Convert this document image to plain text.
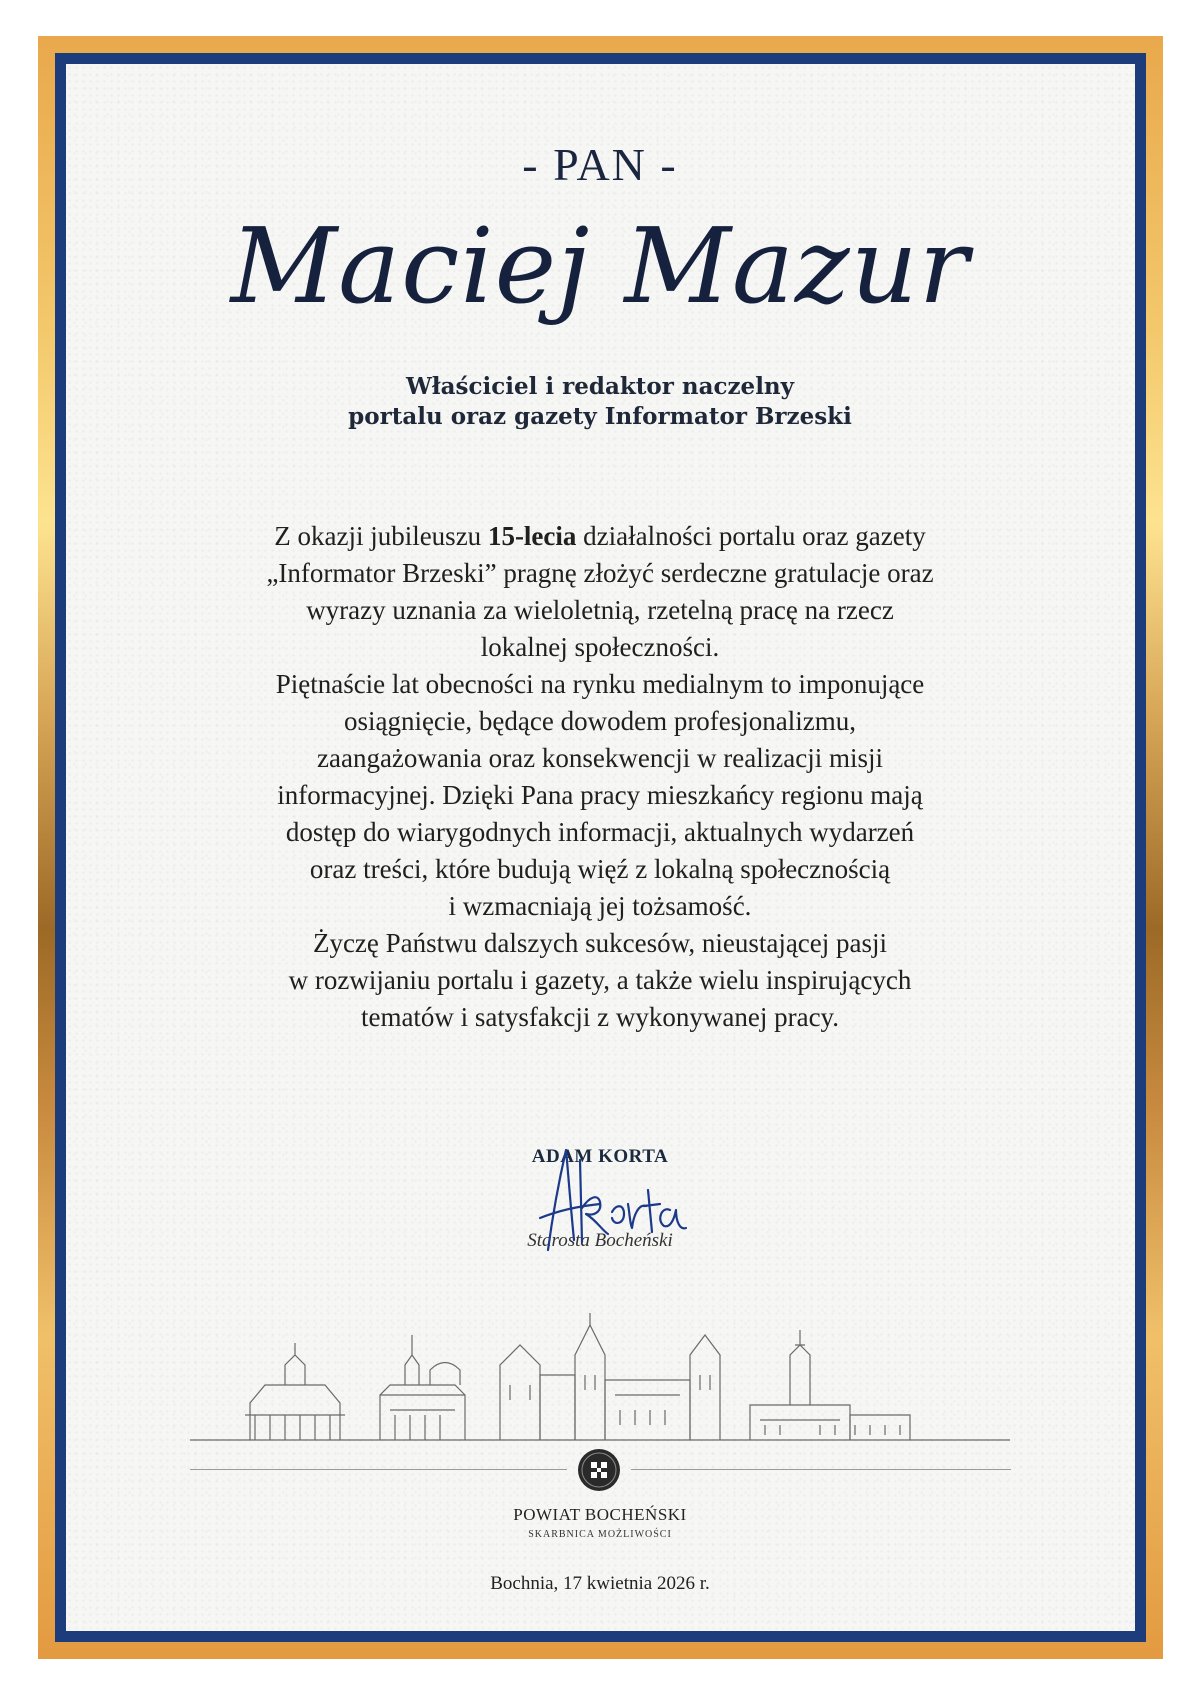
- PAN -
Maciej Mazur
Właściciel i redaktor naczelny
portalu oraz gazety Informator Brzeski
Z okazji jubileuszu 15-lecia działalności portalu oraz gazety
„Informator Brzeski” pragnę złożyć serdeczne gratulacje oraz
wyrazy uznania za wieloletnią, rzetelną pracę na rzecz
lokalnej społeczności.
Piętnaście lat obecności na rynku medialnym to imponujące
osiągnięcie, będące dowodem profesjonalizmu,
zaangażowania oraz konsekwencji w realizacji misji
informacyjnej. Dzięki Pana pracy mieszkańcy regionu mają
dostęp do wiarygodnych informacji, aktualnych wydarzeń
oraz treści, które budują więź z lokalną społecznością
i wzmacniają jej tożsamość.
Życzę Państwu dalszych sukcesów, nieustającej pasji
w rozwijaniu portalu i gazety, a także wielu inspirujących
tematów i satysfakcji z wykonywanej pracy.
ADAM KORTA
Starosta Bocheński
POWIAT BOCHEŃSKI
SKARBNICA MOŻLIWOŚCI
Bochnia, 17 kwietnia 2026 r.
